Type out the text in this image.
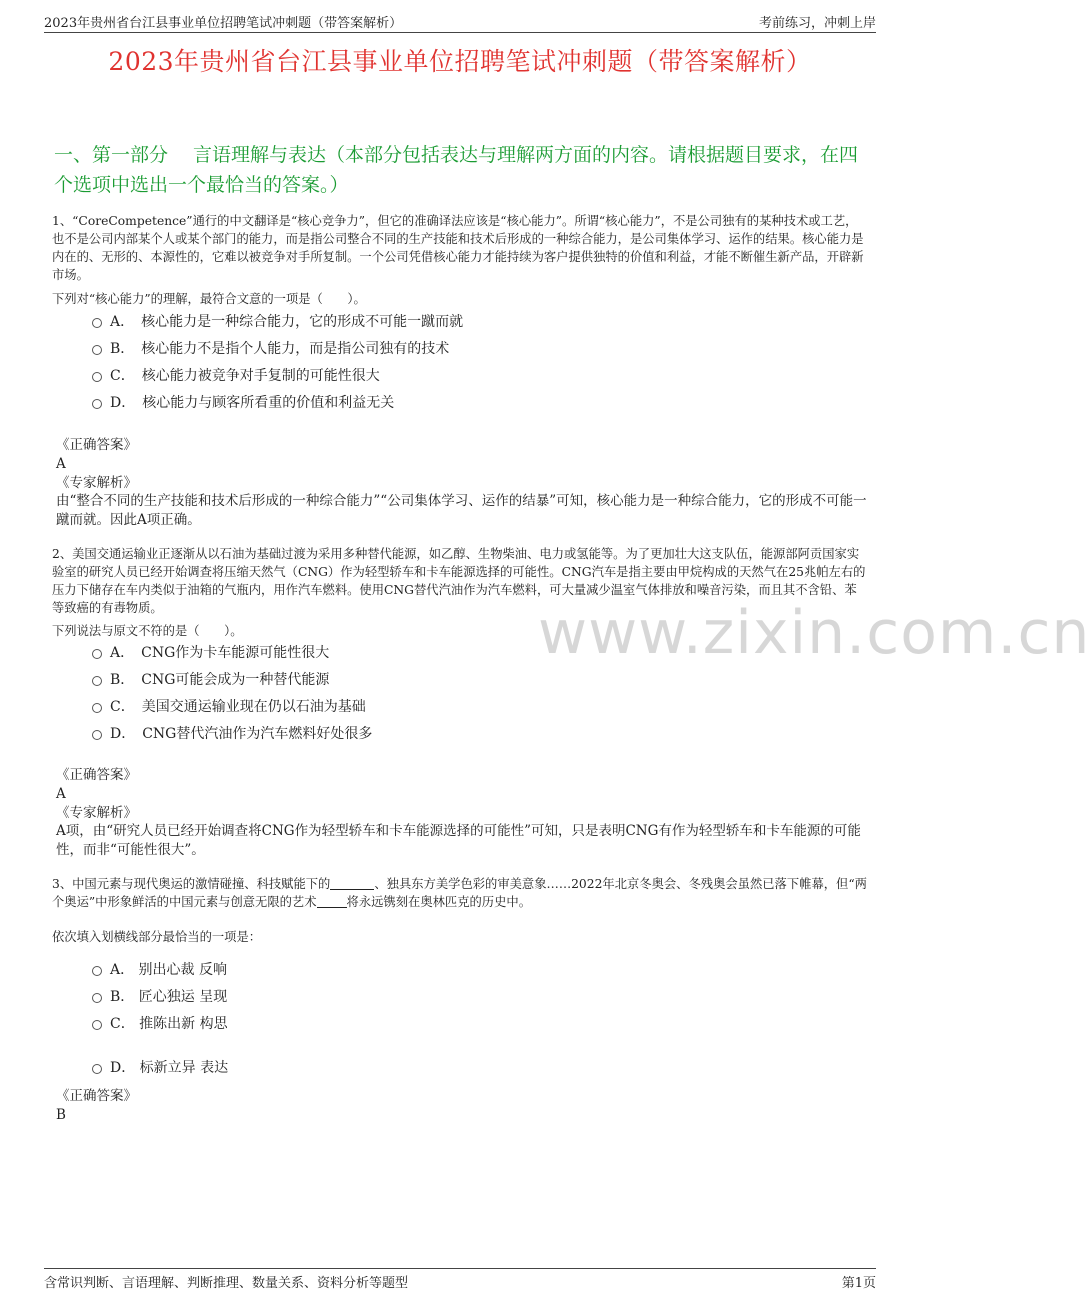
2023年贵州省台江县事业单位招聘笔试冲刺题（带答案解析）	考前练习，冲刺上岸
2023年贵州省台江县事业单位招聘笔试冲刺题（带答案解析）
一、第一部分　 言语理解与表达（本部分包括表达与理解两方面的内容。请根据题目要求，在四个选项中选出一个最恰当的答案。）
1、“CoreCompetence”通行的中文翻译是“核心竞争力”，但它的准确译法应该是“核心能力”。所谓“核心能力”，不是公司独有的某种技术或工艺，也不是公司内部某个人或某个部门的能力，而是指公司整合不同的生产技能和技术后形成的一种综合能力，是公司集体学习、运作的结果。核心能力是内在的、无形的、本源性的，它难以被竞争对手所复制。一个公司凭借核心能力才能持续为客户提供独特的价值和利益，才能不断催生新产品，开辟新市场。
下列对“核心能力”的理解，最符合文意的一项是（　　）。
A．　核心能力是一种综合能力，它的形成不可能一蹴而就
B．　核心能力不是指个人能力，而是指公司独有的技术
C．　核心能力被竞争对手复制的可能性很大
D．　核心能力与顾客所看重的价值和利益无关
《正确答案》
A
《专家解析》
由“整合不同的生产技能和技术后形成的一种综合能力”“公司集体学习、运作的结暴”可知，核心能力是一种综合能力，它的形成不可能一蹴而就。因此A项正确。
2、美国交通运输业正逐渐从以石油为基础过渡为采用多种替代能源，如乙醇、生物柴油、电力或氢能等。为了更加壮大这支队伍，能源部阿贡国家实验室的研究人员已经开始调查将压缩天然气（CNG）作为轻型轿车和卡车能源选择的可能性。CNG汽车是指主要由甲烷构成的天然气在25兆帕左右的压力下储存在车内类似于油箱的气瓶内，用作汽车燃料。使用CNG替代汽油作为汽车燃料，可大量减少温室气体排放和噪音污染，而且其不含铅、苯等致癌的有毒物质。
下列说法与原文不符的是（　　）。
A．　CNG作为卡车能源可能性很大
B．　CNG可能会成为一种替代能源
C．　美国交通运输业现在仍以石油为基础
D．　CNG替代汽油作为汽车燃料好处很多
《正确答案》
A
《专家解析》
A项，由“研究人员已经开始调查将CNG作为轻型轿车和卡车能源选择的可能性”可知，只是表明CNG有作为轻型轿车和卡车能源的可能性，而非“可能性很大”。
www.zixin.com.cn
3、中国元素与现代奥运的激情碰撞、科技赋能下的	、独具东方美学色彩的审美意象……2022年北京冬奥会、冬残奥会虽然已落下帷幕，但“两个奥运”中形象鲜活的中国元素与创意无限的艺术 将永远镌刻在奥林匹克的历史中。
依次填入划横线部分最恰当的一项是：
A． 别出心裁 反响
B． 匠心独运 呈现
C． 推陈出新 构思
D． 标新立异 表达
《正确答案》
B
含常识判断、言语理解、判断推理、数量关系、资料分析等题型	第1页
